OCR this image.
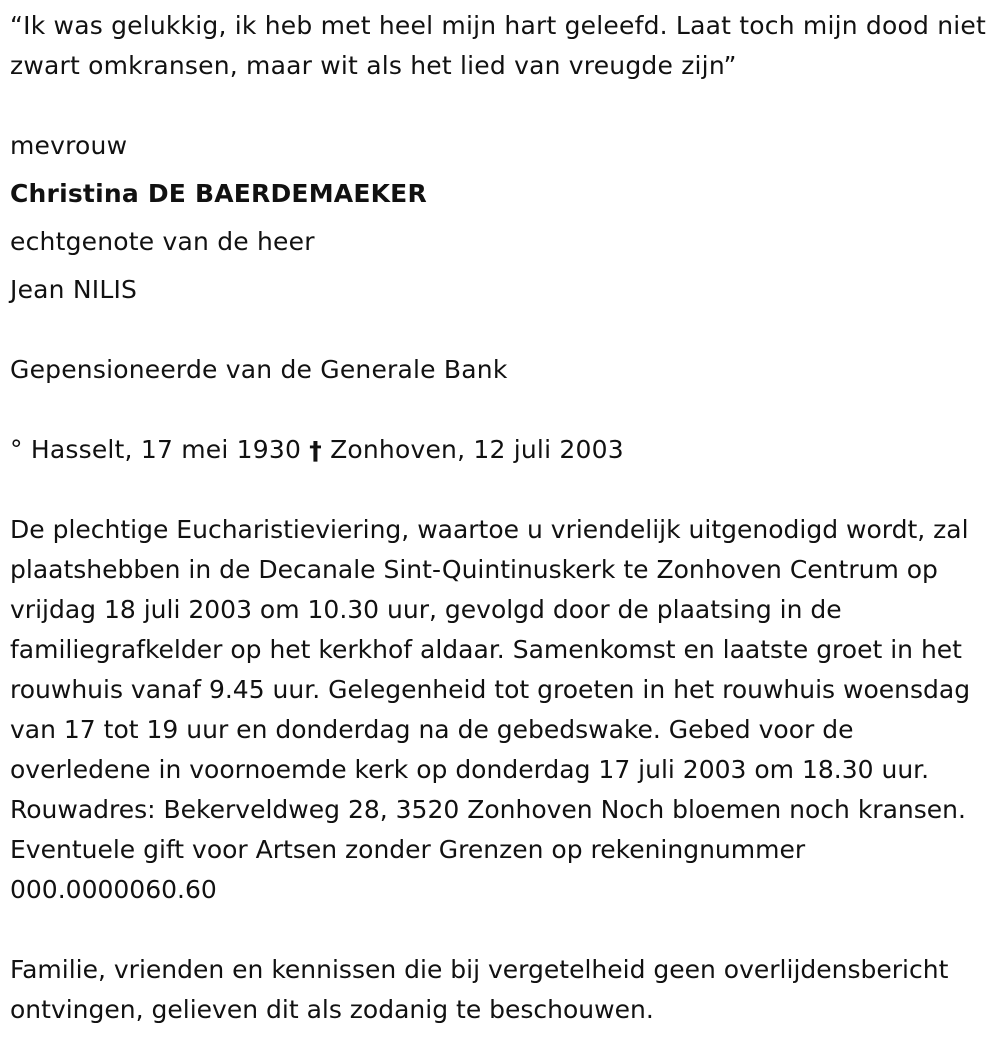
“Ik was gelukkig, ik heb met heel mijn hart geleefd. Laat toch mijn dood niet zwart omkransen, maar wit als het lied van vreugde zijn”

mevrouw

Christina DE BAERDEMAEKER

echtgenote van de heer

Jean NILIS

Gepensioneerde van de Generale Bank

° Hasselt, 17 mei 1930 † Zonhoven, 12 juli 2003

De plechtige Eucharistieviering, waartoe u vriendelijk uitgenodigd wordt, zal plaatshebben in de Decanale Sint-Quintinuskerk te Zonhoven Centrum op vrijdag 18 juli 2003 om 10.30 uur, gevolgd door de plaatsing in de familiegrafkelder op het kerkhof aldaar. Samenkomst en laatste groet in het rouwhuis vanaf 9.45 uur. Gelegenheid tot groeten in het rouwhuis woensdag van 17 tot 19 uur en donderdag na de gebedswake. Gebed voor de overledene in voornoemde kerk op donderdag 17 juli 2003 om 18.30 uur. Rouwadres: Bekerveldweg 28, 3520 Zonhoven Noch bloemen noch kransen. Eventuele gift voor Artsen zonder Grenzen op rekeningnummer 000.0000060.60

Familie, vrienden en kennissen die bij vergetelheid geen overlijdensbericht ontvingen, gelieven dit als zodanig te beschouwen.
